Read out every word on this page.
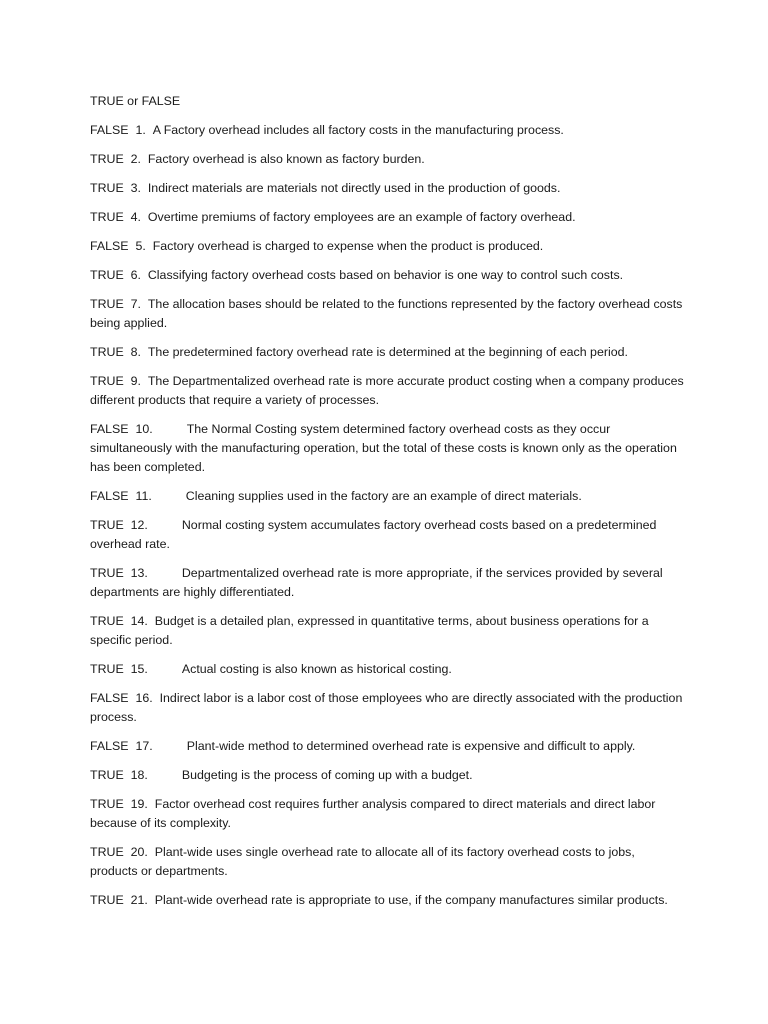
TRUE or FALSE
FALSE 1. A Factory overhead includes all factory costs in the manufacturing process.
TRUE 2. Factory overhead is also known as factory burden.
TRUE 3. Indirect materials are materials not directly used in the production of goods.
TRUE 4. Overtime premiums of factory employees are an example of factory overhead.
FALSE 5. Factory overhead is charged to expense when the product is produced.
TRUE 6. Classifying factory overhead costs based on behavior is one way to control such costs.
TRUE 7. The allocation bases should be related to the functions represented by the factory overhead costs being applied.
TRUE 8. The predetermined factory overhead rate is determined at the beginning of each period.
TRUE 9. The Departmentalized overhead rate is more accurate product costing when a company produces different products that require a variety of processes.
FALSE 10.	The Normal Costing system determined factory overhead costs as they occur simultaneously with the manufacturing operation, but the total of these costs is known only as the operation has been completed.
FALSE 11.	Cleaning supplies used in the factory are an example of direct materials.
TRUE 12.	Normal costing system accumulates factory overhead costs based on a predetermined overhead rate.
TRUE 13.	Departmentalized overhead rate is more appropriate, if the services provided by several departments are highly differentiated.
TRUE 14. Budget is a detailed plan, expressed in quantitative terms, about business operations for a specific period.
TRUE 15.	Actual costing is also known as historical costing.
FALSE 16. Indirect labor is a labor cost of those employees who are directly associated with the production process.
FALSE 17.	Plant-wide method to determined overhead rate is expensive and difficult to apply.
TRUE 18.	Budgeting is the process of coming up with a budget.
TRUE 19. Factor overhead cost requires further analysis compared to direct materials and direct labor because of its complexity.
TRUE 20. Plant-wide uses single overhead rate to allocate all of its factory overhead costs to jobs, products or departments.
TRUE 21. Plant-wide overhead rate is appropriate to use, if the company manufactures similar products.
